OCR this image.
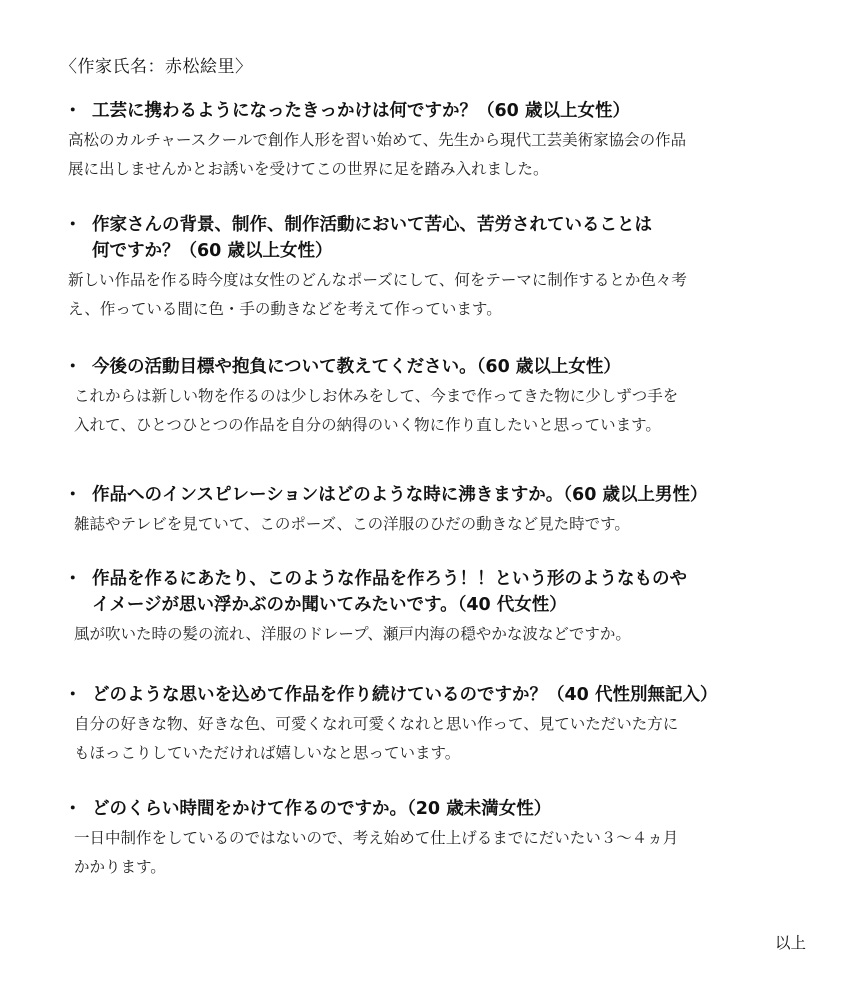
〈作家氏名：赤松絵里〉
・ 工芸に携わるようになったきっかけは何ですか？（60 歳以上女性）
高松のカルチャースクールで創作人形を習い始めて、先生から現代工芸美術家協会の作品
展に出しませんかとお誘いを受けてこの世界に足を踏み入れました。
・ 作家さんの背景、制作、制作活動において苦心、苦労されていることは
何ですか？（60 歳以上女性）
新しい作品を作る時今度は女性のどんなポーズにして、何をテーマに制作するとか色々考
え、作っている間に色・手の動きなどを考えて作っています。
・ 今後の活動目標や抱負について教えてください。（60 歳以上女性）
これからは新しい物を作るのは少しお休みをして、今まで作ってきた物に少しずつ手を
入れて、ひとつひとつの作品を自分の納得のいく物に作り直したいと思っています。
・ 作品へのインスピレーションはどのような時に沸きますか。（60 歳以上男性）
雑誌やテレビを見ていて、このポーズ、この洋服のひだの動きなど見た時です。
・ 作品を作るにあたり、このような作品を作ろう！！という形のようなものや
イメージが思い浮かぶのか聞いてみたいです。（40 代女性）
風が吹いた時の髪の流れ、洋服のドレープ、瀬戸内海の穏やかな波などですか。
・ どのような思いを込めて作品を作り続けているのですか？（40 代性別無記入）
自分の好きな物、好きな色、可愛くなれ可愛くなれと思い作って、見ていただいた方に
もほっこりしていただければ嬉しいなと思っています。
・ どのくらい時間をかけて作るのですか。（20 歳未満女性）
一日中制作をしているのではないので、考え始めて仕上げるまでにだいたい３～４ヵ月
かかります。
以上
